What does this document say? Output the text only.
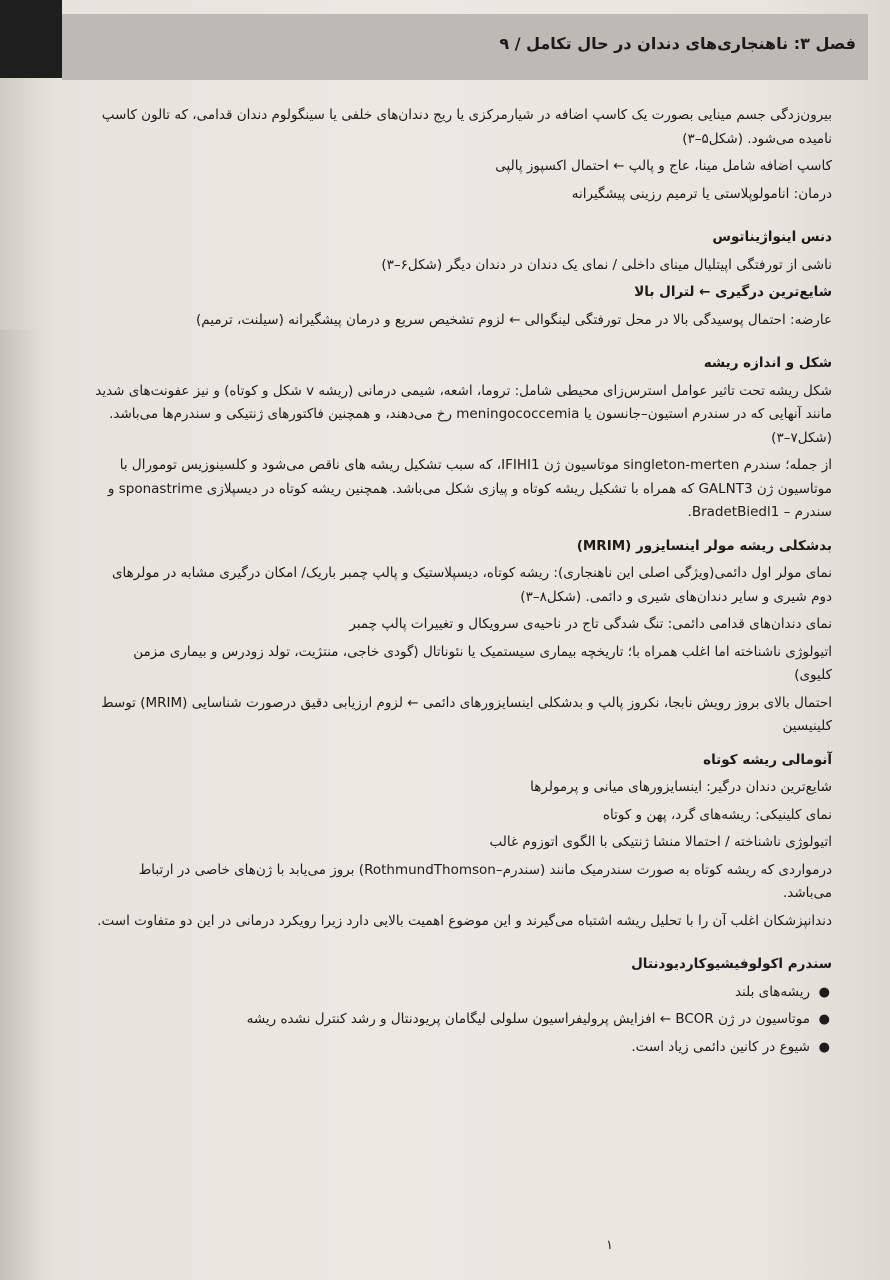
فصل ۳: ناهنجاری‌های دندان در حال تکامل / ۹

بیرون‌زدگی جسم مینایی بصورت یک کاسپ اضافه در شیارمرکزی یا ریج دندان‌های خلفی یا سینگولوم دندان قدامی، که تالون کاسپ نامیده می‌شود. (شکل۵–۳)

کاسپ اضافه شامل مینا، عاج و پالپ ← احتمال اکسپوز پالپی

درمان: انامولوپلاستی یا ترمیم رزینی پیشگیرانه

دنس اینواژیناتوس

ناشی از تورفتگی اپیتلیال مینای داخلی / نمای یک دندان در دندان دیگر (شکل۶–۳)

شایع‌ترین درگیری ← لترال بالا

عارضه: احتمال پوسیدگی بالا در محل تورفتگی لینگوالی ← لزوم تشخیص سریع و درمان پیشگیرانه (سیلنت، ترمیم)

شکل و اندازه ریشه

شکل ریشه تحت تاثیر عوامل استرس‌زای محیطی شامل: تروما، اشعه، شیمی درمانی (ریشه v شکل و کوتاه) و نیز عفونت‌های شدید مانند آنهایی که در سندرم استیون–جانسون یا meningococcemia رخ می‌دهند، و همچنین فاکتورهای ژنتیکی و سندرم‌ها می‌باشد. (شکل۷–۳)

از جمله؛ سندرم singleton-merten موتاسیون ژن IFIHI1، که سبب تشکیل ریشه های ناقص می‌شود و کلسینوزیس تومورال با موتاسیون ژن GALNT3 که همراه با تشکیل ریشه کوتاه و پیازی شکل می‌باشد. همچنین ریشه کوتاه در دیسپلازی sponastrime و سندرم – BradetBiedl1.

بدشکلی ریشه مولر اینسایزور (MRIM)

نمای مولر اول دائمی(ویژگی اصلی این ناهنجاری): ریشه کوتاه، دیسپلاستیک و پالپ چمبر باریک/ امکان درگیری مشابه در مولرهای دوم شیری و سایر دندان‌های شیری و دائمی. (شکل۸–۳)

نمای دندان‌های قدامی دائمی: تنگ شدگی تاج در ناحیه‌ی سرویکال و تغییرات پالپ چمبر

اتیولوژی ناشناخته اما اغلب همراه با؛ تاریخچه بیماری سیستمیک یا نئوناتال (گودی خاجی، منتژیت، تولد زودرس و بیماری مزمن کلیوی)

احتمال بالای بروز رویش نابجا، نکروز پالپ و بدشکلی اینسایزورهای دائمی ← لزوم ارزیابی دقیق درصورت شناسایی (MRIM) توسط کلینیسین

آنومالی ریشه کوتاه

شایع‌ترین دندان درگیر: اینسایزورهای میانی و پرمولرها

نمای کلینیکی: ریشه‌های گرد، پهن و کوتاه

اتیولوژی ناشناخته / احتمالا منشا ژنتیکی با الگوی اتوزوم غالب

درمواردی که ریشه کوتاه به صورت سندرمیک مانند (سندرم–RothmundThomson) بروز می‌یابد با ژن‌های خاصی در ارتباط می‌باشد.

دندانپزشکان اغلب آن را با تحلیل ریشه اشتباه می‌گیرند و این موضوع اهمیت بالایی دارد زیرا رویکرد درمانی در این دو متفاوت است.

سندرم اکولوفیشیوکاردیودنتال

●
ریشه‌های بلند
●
موتاسیون در ژن BCOR ← افزایش پرولیفراسیون سلولی لیگامان پریودنتال و رشد کنترل نشده ریشه
●
شیوع در کانین دائمی زیاد است.
۱
